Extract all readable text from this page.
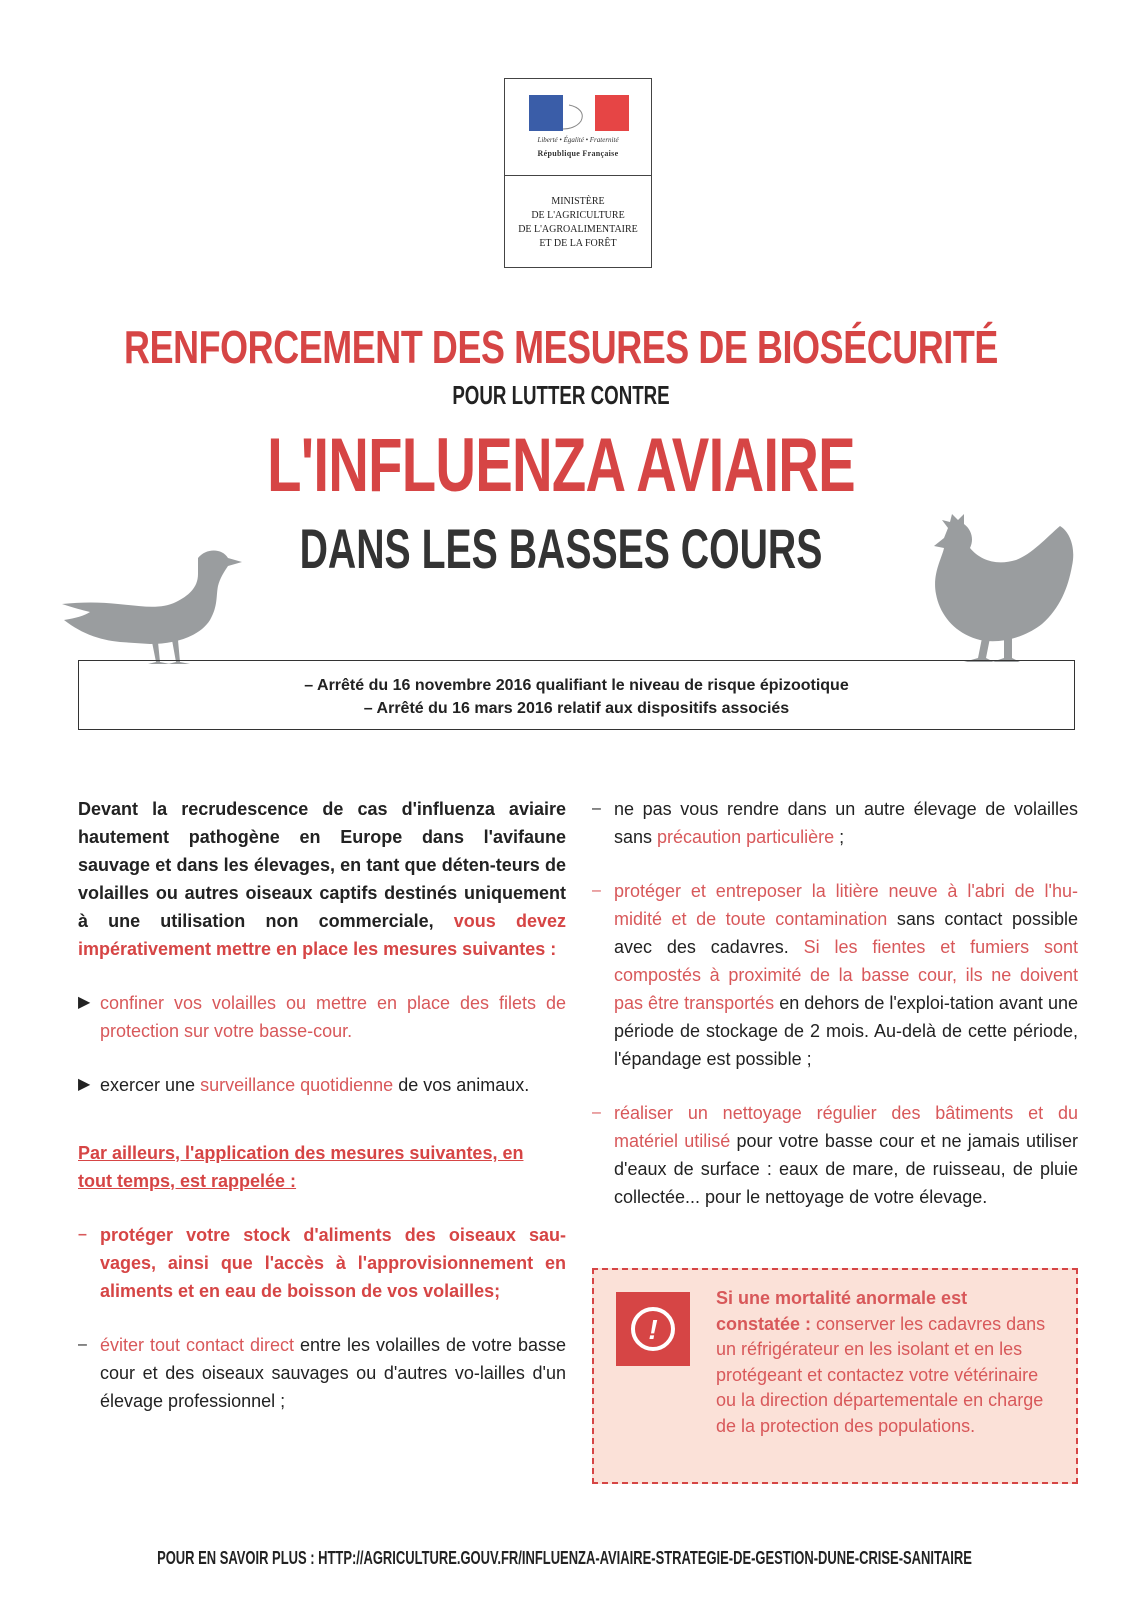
Liberté • Égalité • Fraternité
République Française
MINISTÈRE
DE L'AGRICULTURE
DE L'AGROALIMENTAIRE
ET DE LA FORÊT
RENFORCEMENT DES MESURES DE BIOSÉCURITÉ
POUR LUTTER CONTRE
L'INFLUENZA AVIAIRE
DANS LES BASSES COURS
– Arrêté du 16 novembre 2016 qualifiant le niveau de risque épizootique
– Arrêté du 16 mars 2016 relatif aux dispositifs associés

Devant la recrudescence de cas d'influenza aviaire hautement pathogène en Europe dans l'avifaune sauvage et dans les élevages, en tant que déten-teurs de volailles ou autres oiseaux captifs destinés uniquement à une utilisation non commerciale, vous devez impérativement mettre en place les mesures suivantes :

▶ confiner vos volailles ou mettre en place des filets de protection sur votre basse-cour.

▶ exercer une surveillance quotidienne de vos animaux.

Par ailleurs, l'application des mesures suivantes, en tout temps, est rappelée :

– protéger votre stock d'aliments des oiseaux sau-vages, ainsi que l'accès à l'approvisionnement en aliments et en eau de boisson de vos volailles;

– éviter tout contact direct entre les volailles de votre basse cour et des oiseaux sauvages ou d'autres vo-lailles d'un élevage professionnel ;

– ne pas vous rendre dans un autre élevage de volailles sans précaution particulière ;

– protéger et entreposer la litière neuve à l'abri de l'hu-midité et de toute contamination sans contact possible avec des cadavres. Si les fientes et fumiers sont compostés à proximité de la basse cour, ils ne doivent pas être transportés en dehors de l'exploi-tation avant une période de stockage de 2 mois. Au-delà de cette période, l'épandage est possible ;

– réaliser un nettoyage régulier des bâtiments et du matériel utilisé pour votre basse cour et ne jamais utiliser d'eaux de surface : eaux de mare, de ruisseau, de pluie collectée... pour le nettoyage de votre élevage.

!
Si une mortalité anormale est constatée : conserver les cadavres dans un réfrigérateur en les isolant et en les protégeant et contactez votre vétérinaire ou la direction départementale en charge de la protection des populations.
POUR EN SAVOIR PLUS : HTTP://AGRICULTURE.GOUV.FR/INFLUENZA-AVIAIRE-STRATEGIE-DE-GESTION-DUNE-CRISE-SANITAIRE
